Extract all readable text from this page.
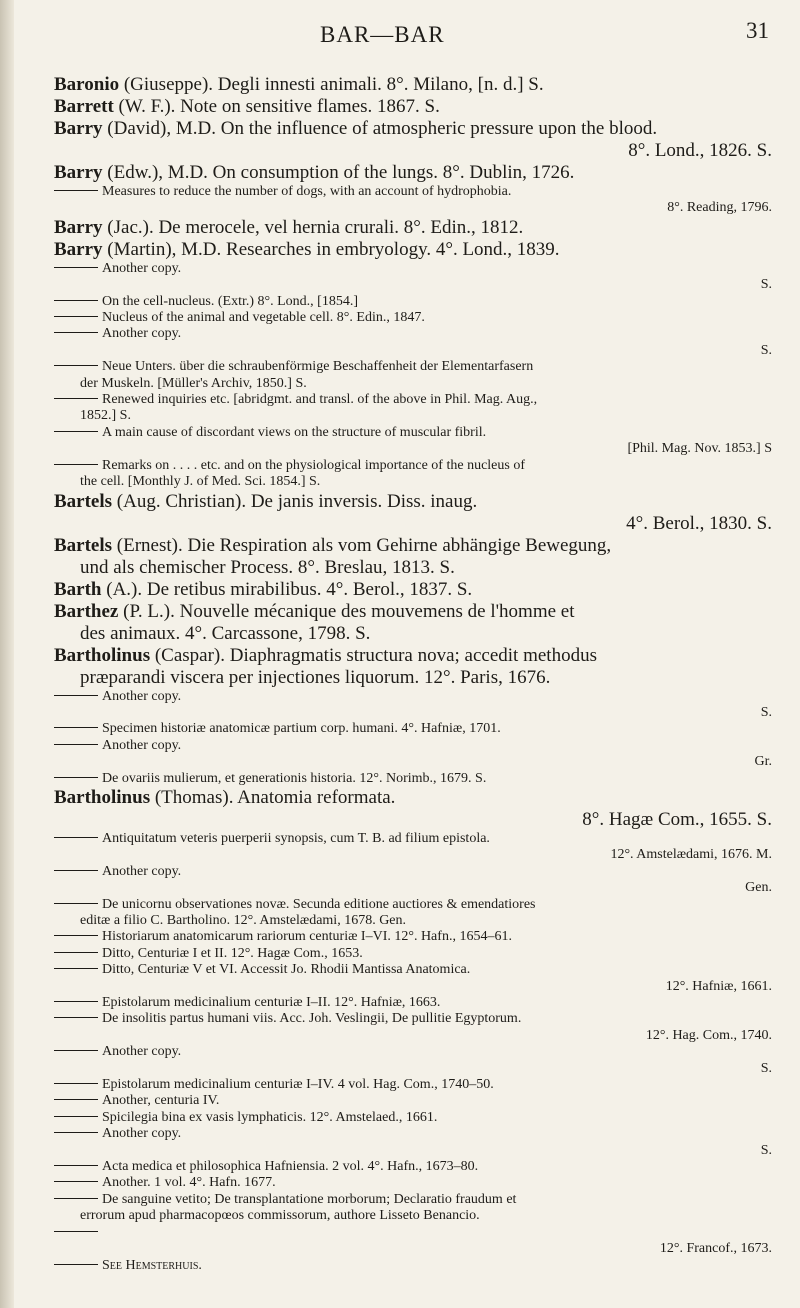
BAR—BAR	31
Baronio (Giuseppe). Degli innesti animali. 8°. Milano, [n. d.] S.
Barrett (W. F.). Note on sensitive flames. 1867. S.
Barry (David), M.D. On the influence of atmospheric pressure upon the blood.
8°. Lond., 1826. S.
Barry (Edw.), M.D. On consumption of the lungs. 8°. Dublin, 1726.
Measures to reduce the number of dogs, with an account of hydrophobia.
8°. Reading, 1796.
Barry (Jac.). De merocele, vel hernia crurali. 8°. Edin., 1812.
Barry (Martin), M.D. Researches in embryology. 4°. Lond., 1839.
Another copy.
S.
On the cell-nucleus. (Extr.) 8°. Lond., [1854.]
Nucleus of the animal and vegetable cell. 8°. Edin., 1847.
Another copy.
S.
Neue Unters. über die schraubenförmige Beschaffenheit der Elementarfasern
der Muskeln. [Müller's Archiv, 1850.] S.
Renewed inquiries etc. [abridgmt. and transl. of the above in Phil. Mag. Aug.,
1852.] S.
A main cause of discordant views on the structure of muscular fibril.
[Phil. Mag. Nov. 1853.] S
Remarks on . . . . etc. and on the physiological importance of the nucleus of
the cell. [Monthly J. of Med. Sci. 1854.] S.
Bartels (Aug. Christian). De janis inversis. Diss. inaug.
4°. Berol., 1830. S.
Bartels (Ernest). Die Respiration als vom Gehirne abhängige Bewegung,
und als chemischer Process. 8°. Breslau, 1813. S.
Barth (A.). De retibus mirabilibus. 4°. Berol., 1837. S.
Barthez (P. L.). Nouvelle mécanique des mouvemens de l'homme et
des animaux. 4°. Carcassone, 1798. S.
Bartholinus (Caspar). Diaphragmatis structura nova; accedit methodus
præparandi viscera per injectiones liquorum. 12°. Paris, 1676.
Another copy.
S.
Specimen historiæ anatomicæ partium corp. humani. 4°. Hafniæ, 1701.
Another copy.
Gr.
De ovariis mulierum, et generationis historia. 12°. Norimb., 1679. S.
Bartholinus (Thomas). Anatomia reformata.
8°. Hagæ Com., 1655. S.
Antiquitatum veteris puerperii synopsis, cum T. B. ad filium epistola.
12°. Amstelædami, 1676. M.
Another copy.
Gen.
De unicornu observationes novæ. Secunda editione auctiores & emendatiores
editæ a filio C. Bartholino. 12°. Amstelædami, 1678. Gen.
Historiarum anatomicarum rariorum centuriæ I–VI. 12°. Hafn., 1654–61.
Ditto, Centuriæ I et II. 12°. Hagæ Com., 1653.
Ditto, Centuriæ V et VI. Accessit Jo. Rhodii Mantissa Anatomica.
12°. Hafniæ, 1661.
Epistolarum medicinalium centuriæ I–II. 12°. Hafniæ, 1663.
De insolitis partus humani viis. Acc. Joh. Veslingii, De pullitie Egyptorum.
12°. Hag. Com., 1740.
Another copy.
S.
Epistolarum medicinalium centuriæ I–IV. 4 vol. Hag. Com., 1740–50.
Another, centuria IV.
Spicilegia bina ex vasis lymphaticis. 12°. Amstelaed., 1661.
Another copy.
S.
Acta medica et philosophica Hafniensia. 2 vol. 4°. Hafn., 1673–80.
Another. 1 vol. 4°. Hafn. 1677.
De sanguine vetito; De transplantatione morborum; Declaratio fraudum et
errorum apud pharmacopœos commissorum, authore Lisseto Benancio.
12°. Francof., 1673.
See Hemsterhuis.
